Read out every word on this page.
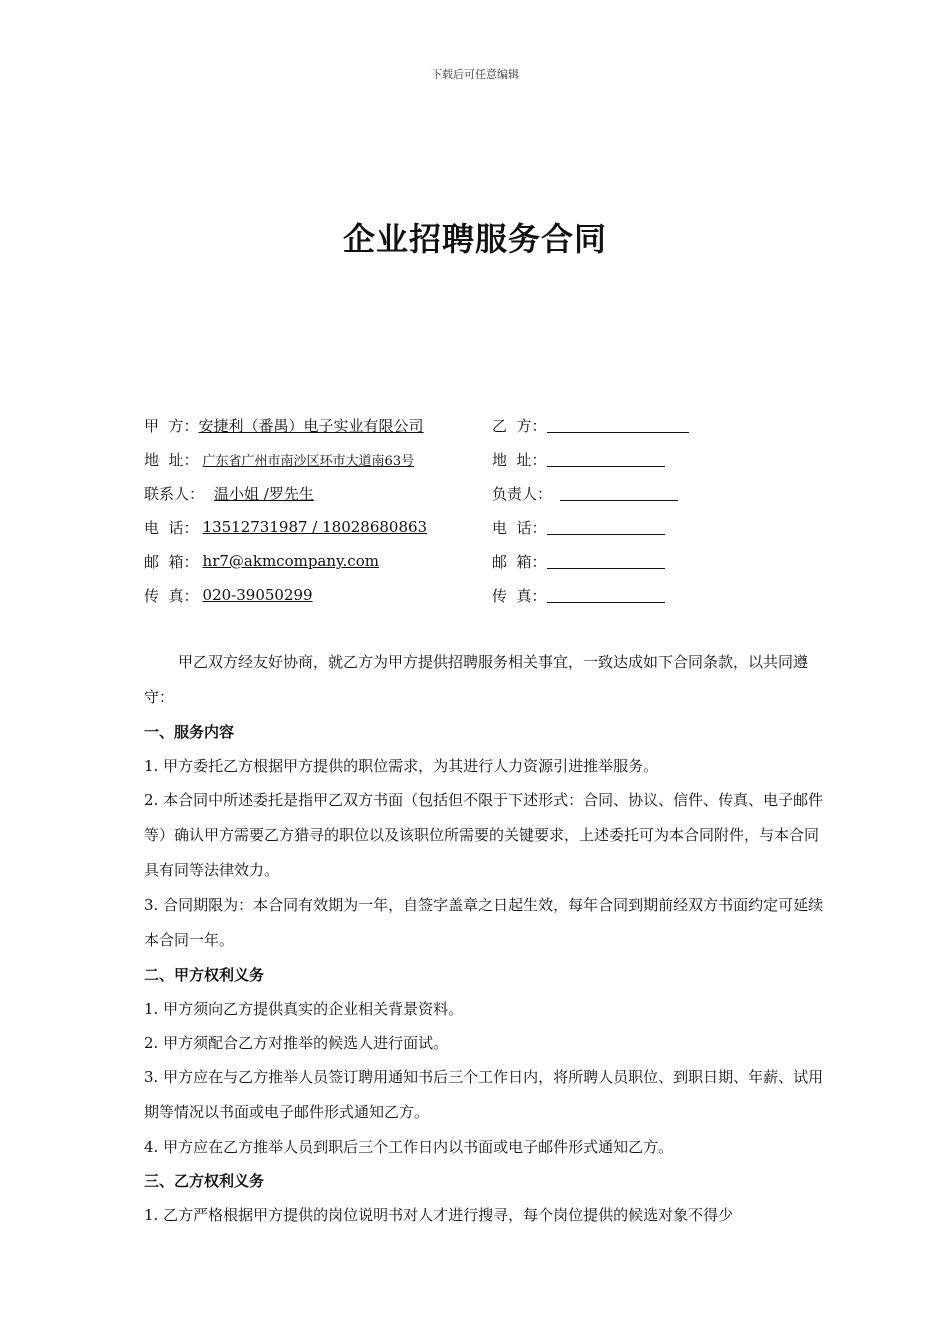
下载后可任意编辑
企业招聘服务合同
甲  方： 安捷利（番禺）电子实业有限公司	乙  方：
地  址： 广东省广州市南沙区环市大道南63号	地  址：
联系人： 温小姐 /罗先生	负责人：
电  话： 13512731987 / 18028680863	电  话：
邮  箱： hr7@akmcompany.com	邮  箱：
传  真： 020-39050299	传  真：

甲乙双方经友好协商，就乙方为甲方提供招聘服务相关事宜，一致达成如下合同条款，以共同遵守：

一、服务内容

1. 甲方委托乙方根据甲方提供的职位需求，为其进行人力资源引进推举服务。

2. 本合同中所述委托是指甲乙双方书面（包括但不限于下述形式：合同、协议、信件、传真、电子邮件等）确认甲方需要乙方猎寻的职位以及该职位所需要的关键要求，上述委托可为本合同附件，与本合同具有同等法律效力。

3. 合同期限为：本合同有效期为一年，自签字盖章之日起生效，每年合同到期前经双方书面约定可延续本合同一年。

二、甲方权利义务

1. 甲方须向乙方提供真实的企业相关背景资料。

2. 甲方须配合乙方对推举的候选人进行面试。

3. 甲方应在与乙方推举人员签订聘用通知书后三个工作日内，将所聘人员职位、到职日期、年薪、试用期等情况以书面或电子邮件形式通知乙方。

4. 甲方应在乙方推举人员到职后三个工作日内以书面或电子邮件形式通知乙方。

三、乙方权利义务

1. 乙方严格根据甲方提供的岗位说明书对人才进行搜寻，每个岗位提供的候选对象不得少
